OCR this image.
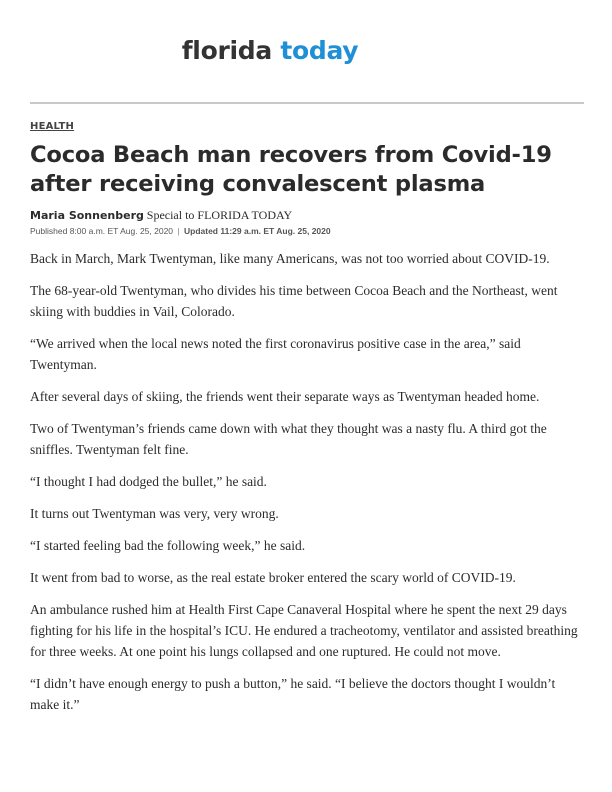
florida today
HEALTH
Cocoa Beach man recovers from Covid-19 after receiving convalescent plasma
Maria Sonnenberg Special to FLORIDA TODAY
Published 8:00 a.m. ET Aug. 25, 2020 | Updated 11:29 a.m. ET Aug. 25, 2020

Back in March, Mark Twentyman, like many Americans, was not too worried about COVID-19.

The 68-year-old Twentyman, who divides his time between Cocoa Beach and the Northeast, went skiing with buddies in Vail, Colorado.

“We arrived when the local news noted the first coronavirus positive case in the area,” said Twentyman.

After several days of skiing, the friends went their separate ways as Twentyman headed home.

Two of Twentyman’s friends came down with what they thought was a nasty flu. A third got the sniffles. Twentyman felt fine.

“I thought I had dodged the bullet,” he said.

It turns out Twentyman was very, very wrong.

“I started feeling bad the following week,” he said.

It went from bad to worse, as the real estate broker entered the scary world of COVID-19.

An ambulance rushed him at Health First Cape Canaveral Hospital where he spent the next 29 days fighting for his life in the hospital’s ICU. He endured a tracheotomy, ventilator and assisted breathing for three weeks. At one point his lungs collapsed and one ruptured. He could not move.

“I didn’t have enough energy to push a button,” he said. “I believe the doctors thought I wouldn’t make it.”
